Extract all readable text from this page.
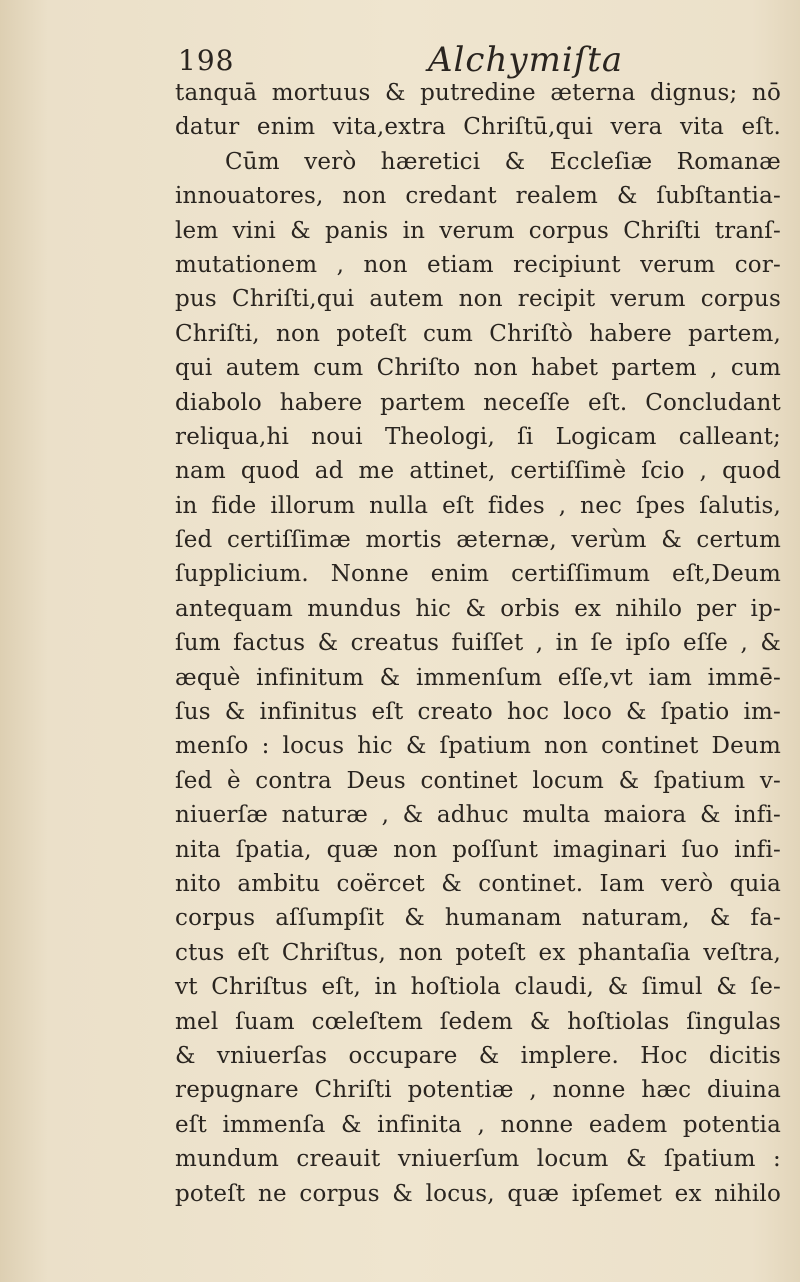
198	Alchymiſta
tanquā mortuus & putredine æterna dignus; nō
datur enim vita,extra Chriſtū,qui vera vita eſt.
Cūm verò hæretici & Eccleſiæ Romanæ
innouatores, non credant realem & ſubſtantia-
lem vini & panis in verum corpus Chriſti tranſ-
mutationem , non etiam recipiunt verum cor-
pus Chriſti,qui autem non recipit verum corpus
Chriſti, non poteſt cum Chriſtò habere partem,
qui autem cum Chriſto non habet partem , cum
diabolo habere partem neceſſe eſt. Concludant
reliqua,hi noui Theologi, ſi Logicam calleant;
nam quod ad me attinet, certiſſimè ſcio , quod
in fide illorum nulla eſt fides , nec ſpes ſalutis,
ſed certiſſimæ mortis æternæ, verùm & certum
ſupplicium. Nonne enim certiſſimum eſt,Deum
antequam mundus hic & orbis ex nihilo per ip-
ſum factus & creatus fuiſſet , in ſe ipſo eſſe , &
æquè infinitum & immenſum eſſe,vt iam immē-
ſus & infinitus eſt creato hoc loco & ſpatio im-
menſo : locus hic & ſpatium non continet Deum
ſed è contra Deus continet locum & ſpatium v-
niuerſæ naturæ , & adhuc multa maiora & infi-
nita ſpatia, quæ non poſſunt imaginari ſuo infi-
nito ambitu coërcet & continet. Iam verò quia
corpus aſſumpſit & humanam naturam, & fa-
ctus eſt Chriſtus, non poteſt ex phantaſia veſtra,
vt Chriſtus eſt, in hoſtiola claudi, & ſimul & ſe-
mel ſuam cœleſtem ſedem & hoſtiolas ſingulas
& vniuerſas occupare & implere. Hoc dicitis
repugnare Chriſti potentiæ , nonne hæc diuina
eſt immenſa & infinita , nonne eadem potentia
mundum creauit vniuerſum locum & ſpatium :
poteſt ne corpus & locus, quæ ipſemet ex nihilo
